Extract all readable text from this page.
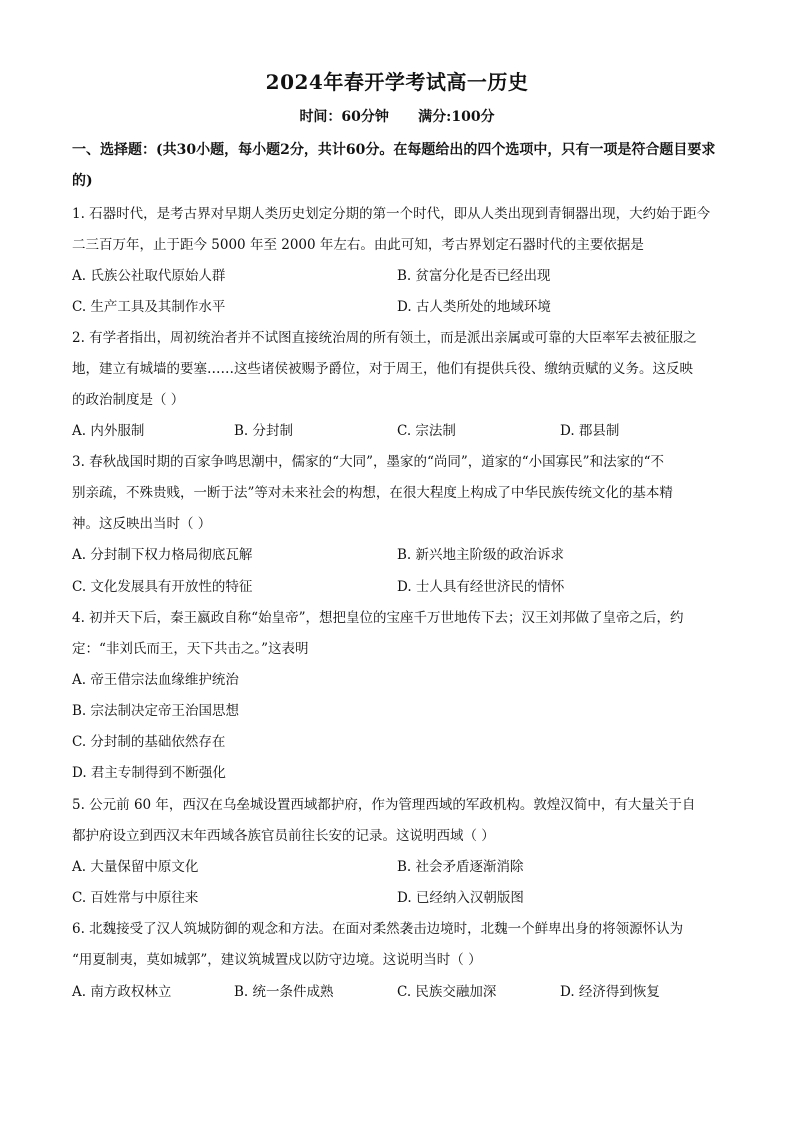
2024年春开学考试高一历史
时间：60分钟      满分:100分
一、选择题：(共30小题，每小题2分，共计60分。在每题给出的四个选项中，只有一项是符合题目要求的)
1. 石器时代，是考古界对早期人类历史划定分期的第一个时代，即从人类出现到青铜器出现，大约始于距今
二三百万年，止于距今 5000 年至 2000 年左右。由此可知，考古界划定石器时代的主要依据是
A. 氏族公社取代原始人群	B. 贫富分化是否已经出现
C. 生产工具及其制作水平	D. 古人类所处的地域环境
2. 有学者指出，周初统治者并不试图直接统治周的所有领土，而是派出亲属或可靠的大臣率军去被征服之
地，建立有城墙的要塞……这些诸侯被赐予爵位，对于周王，他们有提供兵役、缴纳贡赋的义务。这反映
的政治制度是（ ）
A. 内外服制	B. 分封制	C. 宗法制	D. 郡县制
3. 春秋战国时期的百家争鸣思潮中，儒家的“大同”，墨家的“尚同”，道家的“小国寡民”和法家的“不
别亲疏，不殊贵贱，一断于法”等对未来社会的构想，在很大程度上构成了中华民族传统文化的基本精
神。这反映出当时（ ）
A. 分封制下权力格局彻底瓦解	B. 新兴地主阶级的政治诉求
C. 文化发展具有开放性的特征	D. 士人具有经世济民的情怀
4. 初并天下后，秦王嬴政自称“始皇帝”，想把皇位的宝座千万世地传下去；汉王刘邦做了皇帝之后，约
定：“非刘氏而王，天下共击之。”这表明
A. 帝王借宗法血缘维护统治
B. 宗法制决定帝王治国思想
C. 分封制的基础依然存在
D. 君主专制得到不断强化
5. 公元前 60 年，西汉在乌垒城设置西域都护府，作为管理西域的军政机构。敦煌汉简中，有大量关于自
都护府设立到西汉末年西域各族官员前往长安的记录。这说明西域（ ）
A. 大量保留中原文化	B. 社会矛盾逐渐消除
C. 百姓常与中原往来	D. 已经纳入汉朝版图
6. 北魏接受了汉人筑城防御的观念和方法。在面对柔然袭击边境时，北魏一个鲜卑出身的将领源怀认为
“用夏制夷，莫如城郭”，建议筑城置戍以防守边境。这说明当时（ ）
A. 南方政权林立	B. 统一条件成熟	C. 民族交融加深	D. 经济得到恢复
